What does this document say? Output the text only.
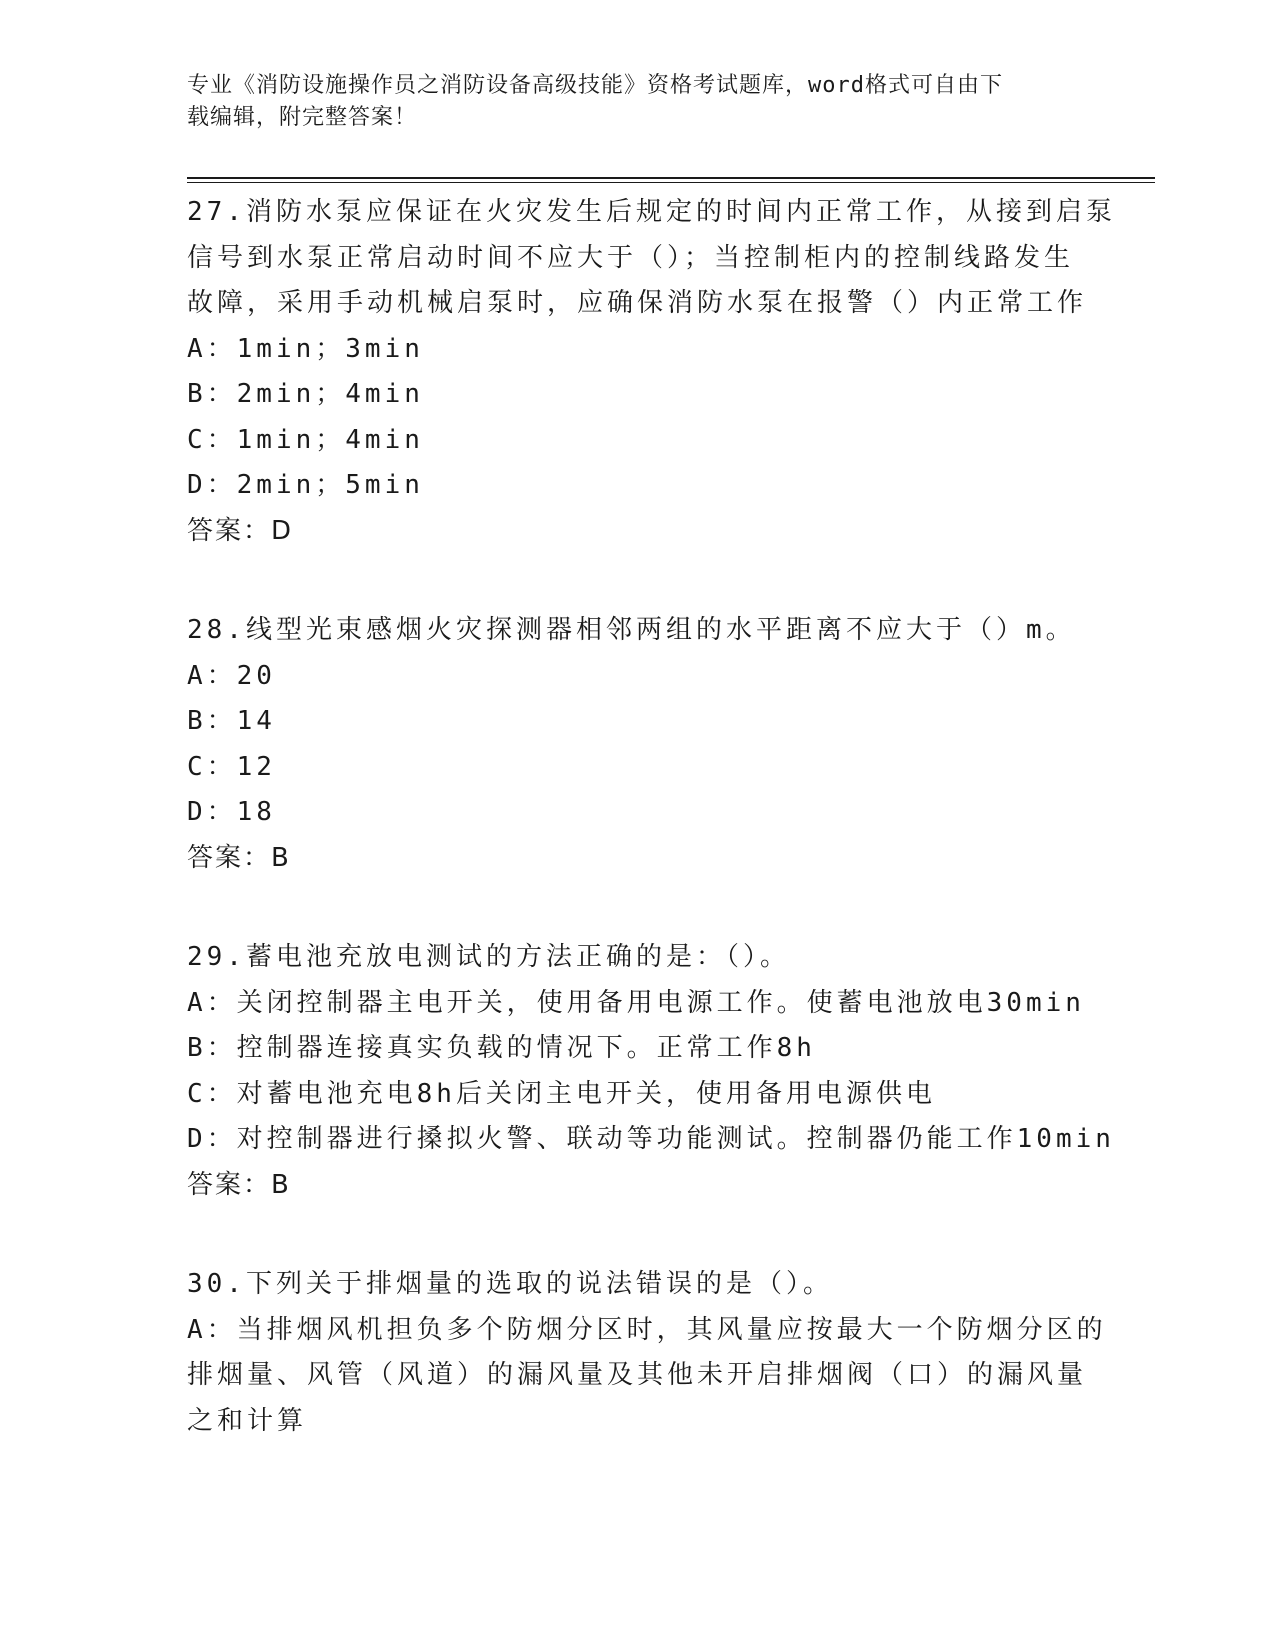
专业《消防设施操作员之消防设备高级技能》资格考试题库，word格式可自由下
载编辑，附完整答案！
27.消防水泵应保证在火灾发生后规定的时间内正常工作，从接到启泵
信号到水泵正常启动时间不应大于（）；当控制柜内的控制线路发生
故障，采用手动机械启泵时，应确保消防水泵在报警（）内正常工作
A：1min；3min
B：2min；4min
C：1min；4min
D：2min；5min
答案：D
28.线型光束感烟火灾探测器相邻两组的水平距离不应大于（）m。
A：20
B：14
C：12
D：18
答案：B
29.蓄电池充放电测试的方法正确的是：（）。
A：关闭控制器主电开关，使用备用电源工作。使蓄电池放电30min
B：控制器连接真实负载的情况下。正常工作8h
C：对蓄电池充电8h后关闭主电开关，使用备用电源供电
D：对控制器进行搡拟火警、联动等功能测试。控制器仍能工作10min
答案：B
30.下列关于排烟量的选取的说法错误的是（）。
A：当排烟风机担负多个防烟分区时，其风量应按最大一个防烟分区的
排烟量、风管（风道）的漏风量及其他未开启排烟阀（口）的漏风量
之和计算
